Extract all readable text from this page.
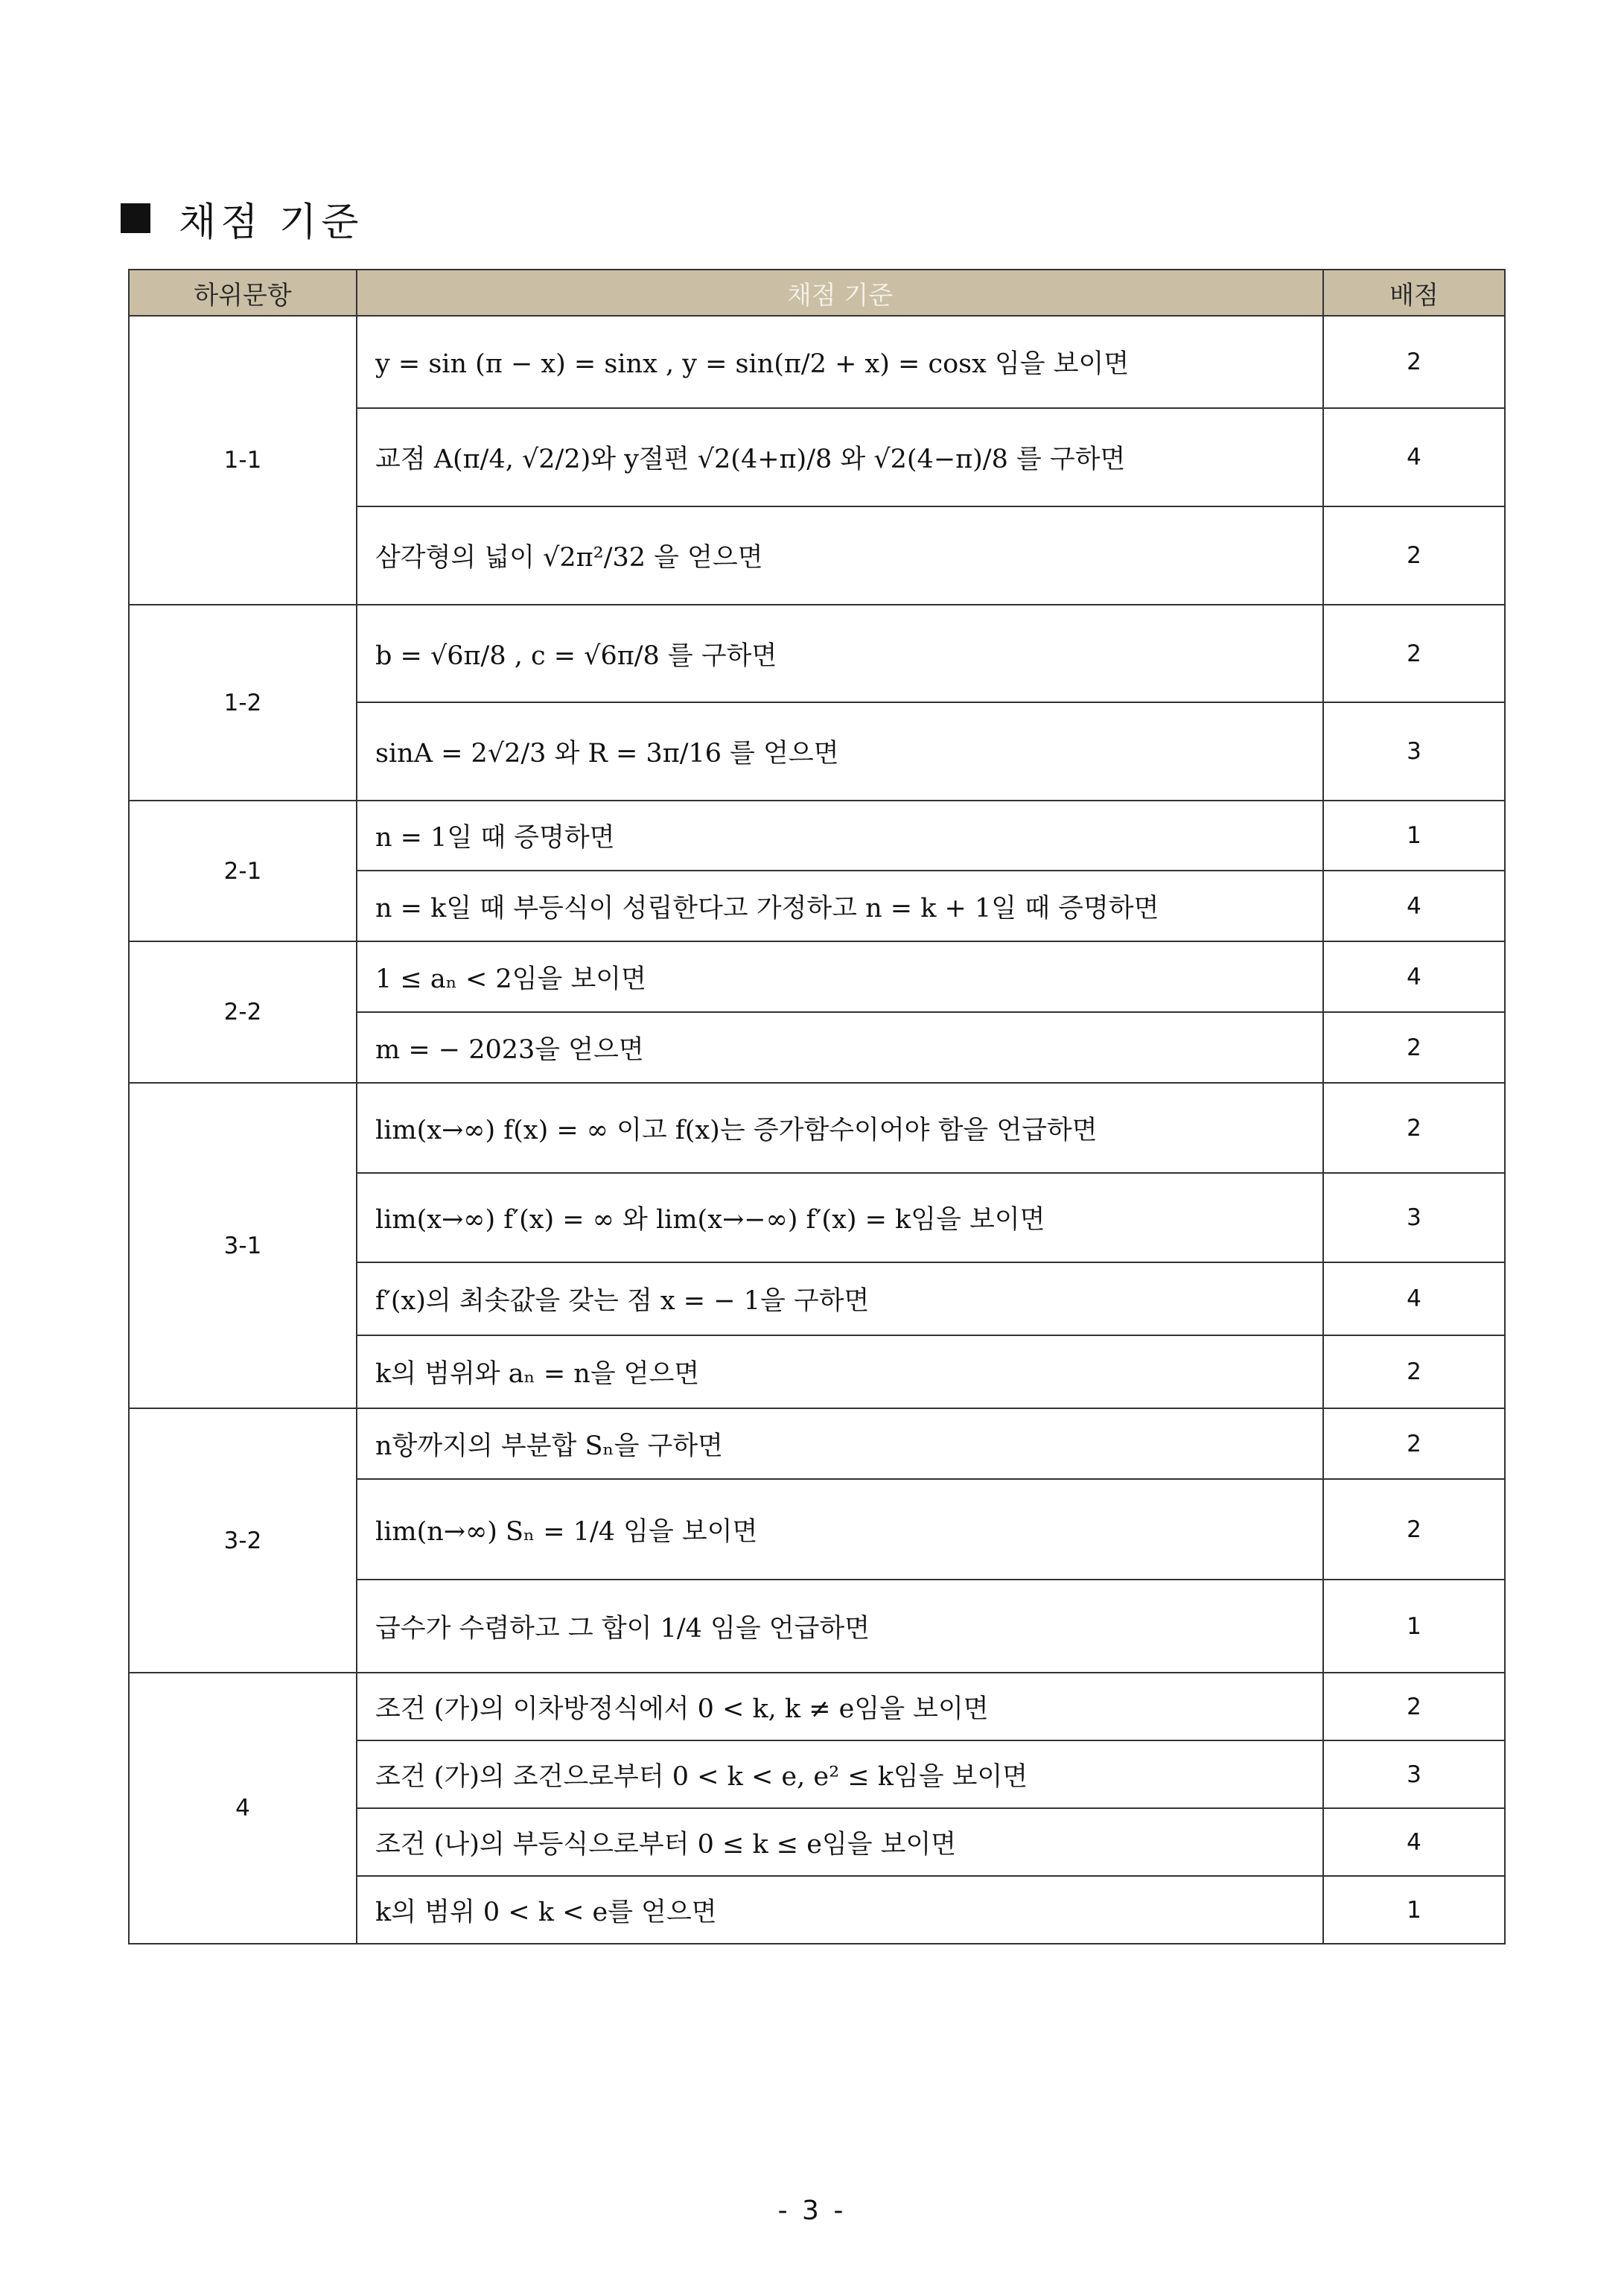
채점 기준
하위문항	채점 기준	배점
1-1	y = sin (π − x) = sinx , y = sin(π/2 + x) = cosx 임을 보이면	2
	교점 A(π/4, √2/2)와 y절편 √2(4+π)/8 와 √2(4−π)/8 를 구하면	4
	삼각형의 넓이 √2π²/32 을 얻으면	2
1-2	b = √6π/8 , c = √6π/8 를 구하면	2
	sinA = 2√2/3 와 R = 3π/16 를 얻으면	3
2-1	n = 1일 때 증명하면	1
	n = k일 때 부등식이 성립한다고 가정하고 n = k + 1일 때 증명하면	4
2-2	1 ≤ aₙ < 2임을 보이면	4
	m = − 2023을 얻으면	2
3-1	lim(x→∞) f(x) = ∞ 이고 f(x)는 증가함수이어야 함을 언급하면	2
	lim(x→∞) f′(x) = ∞ 와 lim(x→−∞) f′(x) = k임을 보이면	3
	f′(x)의 최솟값을 갖는 점 x = − 1을 구하면	4
	k의 범위와 aₙ = n을 얻으면	2
3-2	n항까지의 부분합 Sₙ을 구하면	2
	lim(n→∞) Sₙ = 1/4 임을 보이면	2
	급수가 수렴하고 그 합이 1/4 임을 언급하면	1
4	조건 (가)의 이차방정식에서 0 < k, k ≠ e임을 보이면	2
	조건 (가)의 조건으로부터 0 < k < e, e² ≤ k임을 보이면	3
	조건 (나)의 부등식으로부터 0 ≤ k ≤ e임을 보이면	4
	k의 범위 0 < k < e를 얻으면	1
- 3 -
